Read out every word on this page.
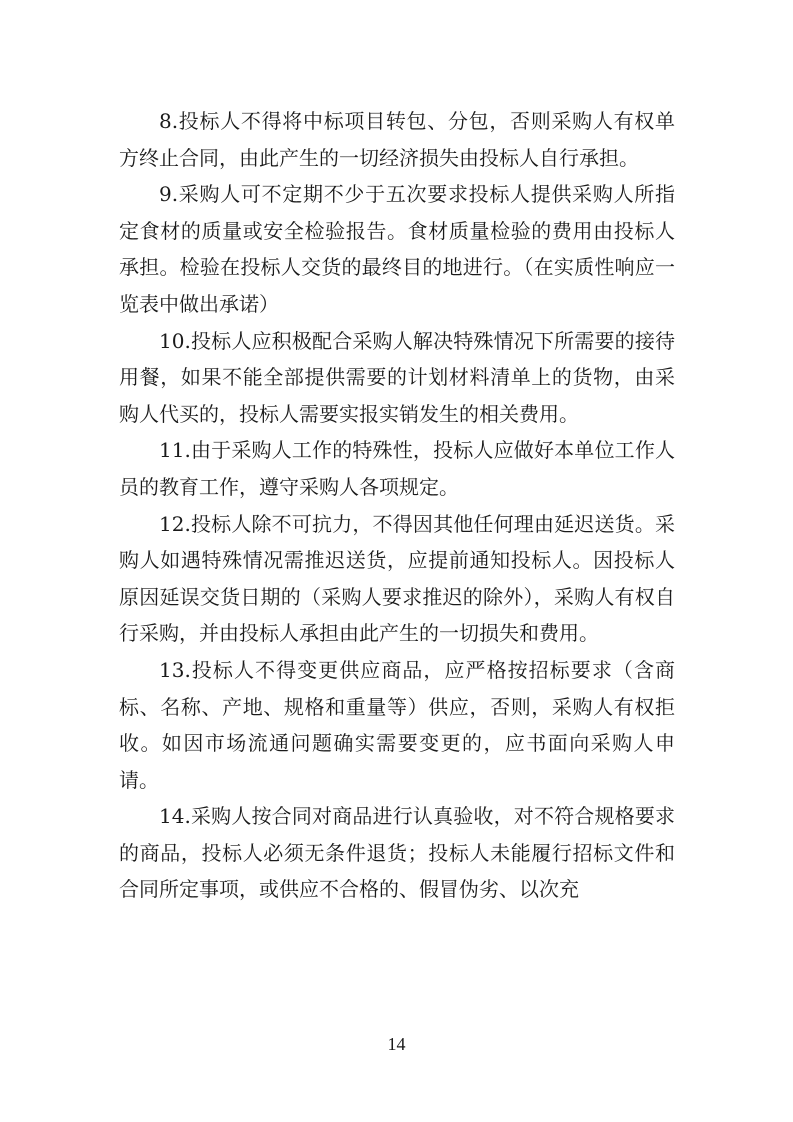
8.投标人不得将中标项目转包、分包，否则采购人有权单方终止合同，由此产生的一切经济损失由投标人自行承担。

9.采购人可不定期不少于五次要求投标人提供采购人所指定食材的质量或安全检验报告。食材质量检验的费用由投标人承担。检验在投标人交货的最终目的地进行。（在实质性响应一览表中做出承诺）

10.投标人应积极配合采购人解决特殊情况下所需要的接待用餐，如果不能全部提供需要的计划材料清单上的货物，由采购人代买的，投标人需要实报实销发生的相关费用。

11.由于采购人工作的特殊性，投标人应做好本单位工作人员的教育工作，遵守采购人各项规定。

12.投标人除不可抗力，不得因其他任何理由延迟送货。采购人如遇特殊情况需推迟送货，应提前通知投标人。因投标人原因延误交货日期的（采购人要求推迟的除外），采购人有权自行采购，并由投标人承担由此产生的一切损失和费用。

13.投标人不得变更供应商品，应严格按招标要求（含商标、名称、产地、规格和重量等）供应，否则，采购人有权拒收。如因市场流通问题确实需要变更的，应书面向采购人申请。

14.采购人按合同对商品进行认真验收，对不符合规格要求的商品，投标人必须无条件退货；投标人未能履行招标文件和合同所定事项，或供应不合格的、假冒伪劣、以次充

14
